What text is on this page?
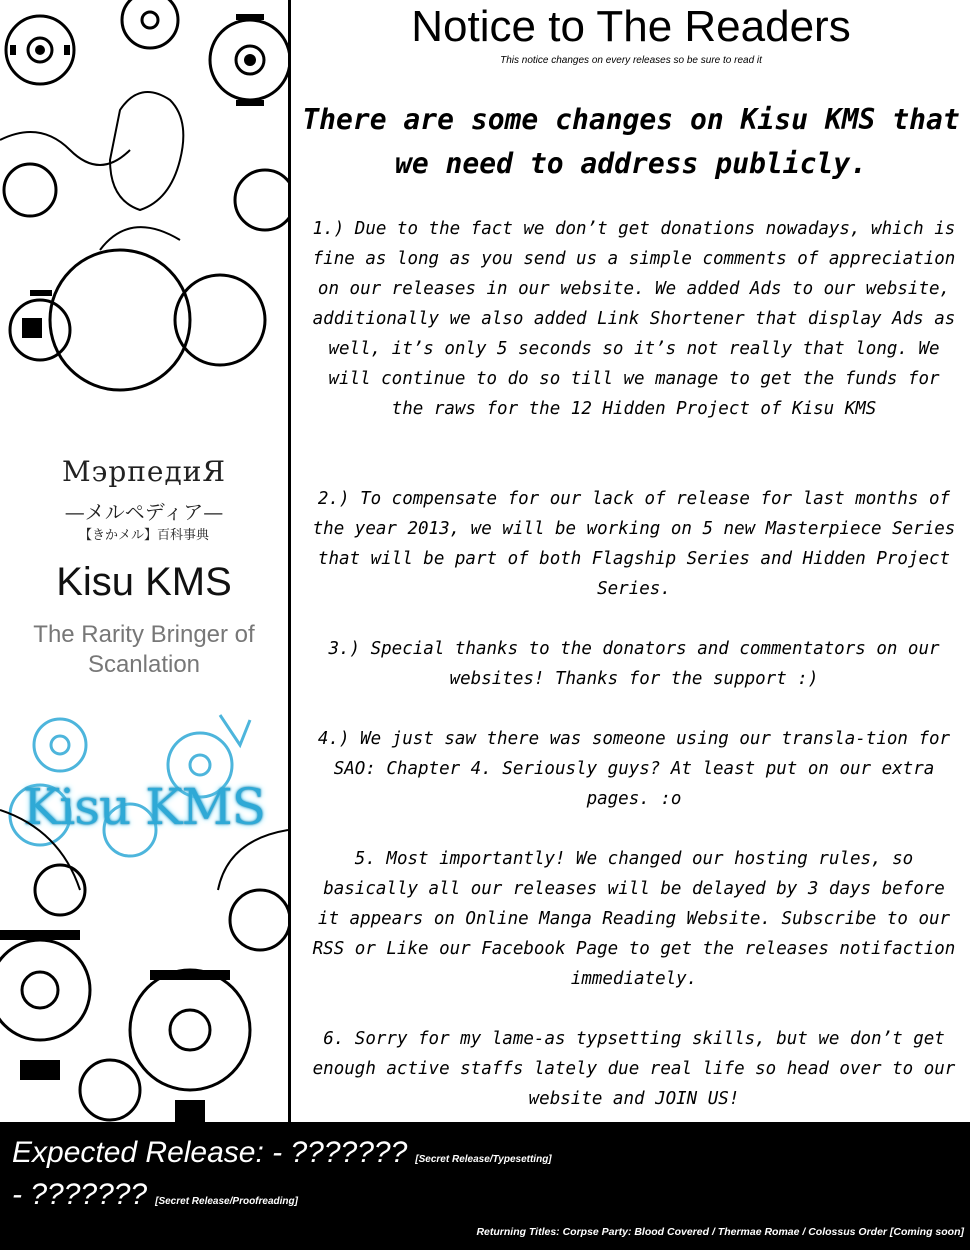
МэрпедиЯ
—メルペディア—
【きかメル】百科事典
Kisu KMS
The Rarity Bringer of Scanlation
Kisu KMS
Notice to The Readers
This notice changes on every releases so be sure to read it
There are some changes on Kisu KMS that we need to address publicly.
1.) Due to the fact we don’t get donations nowadays, which is fine as long as you send us a simple comments of appreciation on our releases in our website. We added Ads to our website, additionally we also added Link Shortener that display Ads as well, it’s only 5 seconds so it’s not really that long. We will continue to do so till we manage to get the funds for the raws for the 12 Hidden Project of Kisu KMS
2.) To compensate for our lack of release for last months of the year 2013, we will be working on 5 new Masterpiece Series that will be part of both Flagship Series and Hidden Project Series.
3.) Special thanks to the donators and commentators on our websites! Thanks for the support :)
4.) We just saw there was someone using our transla-tion for SAO: Chapter 4. Seriously guys? At least put on our extra pages. :o
5. Most importantly! We changed our hosting rules, so basically all our releases will be delayed by 3 days before it appears on Online Manga Reading Website. Subscribe to our RSS or Like our Facebook Page to get the releases notifaction immediately.
6. Sorry for my lame-as typsetting skills, but we don’t get enough active staffs lately due real life so head over to our website and JOIN US!
Expected Release: - ??????? [Secret Release/Typesetting]
- ??????? [Secret Release/Proofreading]
Returning Titles: Corpse Party: Blood Covered / Thermae Romae / Colossus Order [Coming soon]
